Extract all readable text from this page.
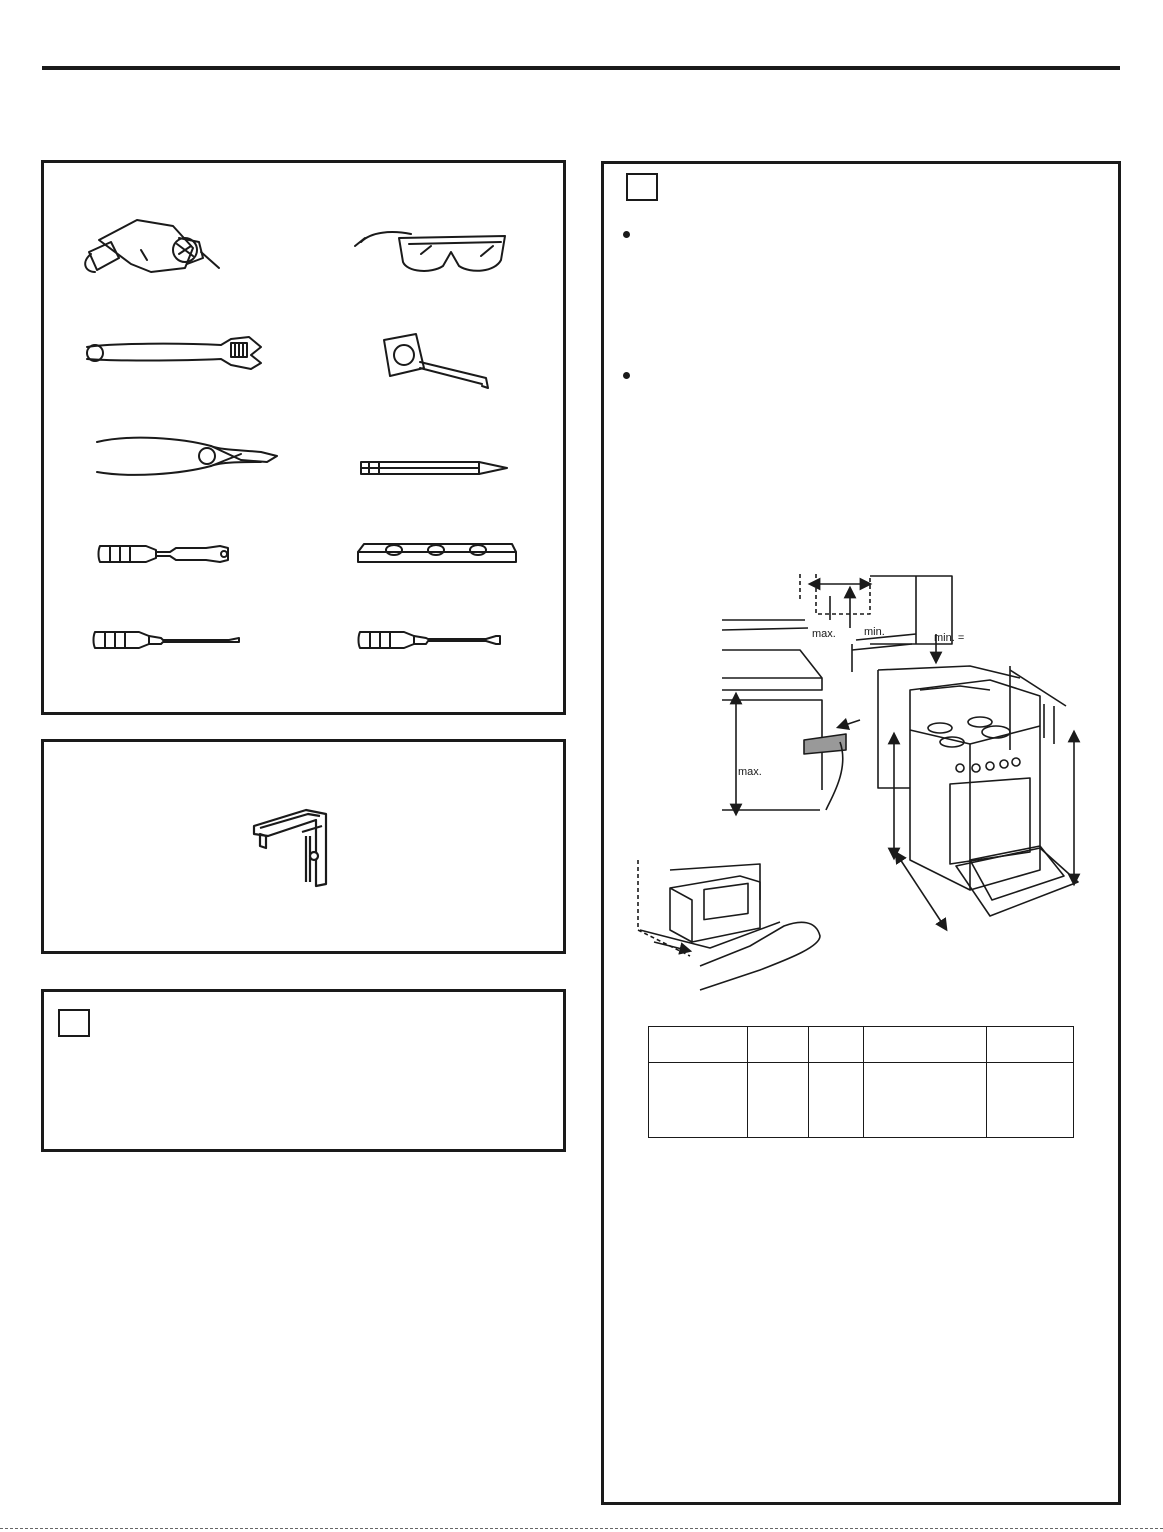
max.	min.	min. =
max.
